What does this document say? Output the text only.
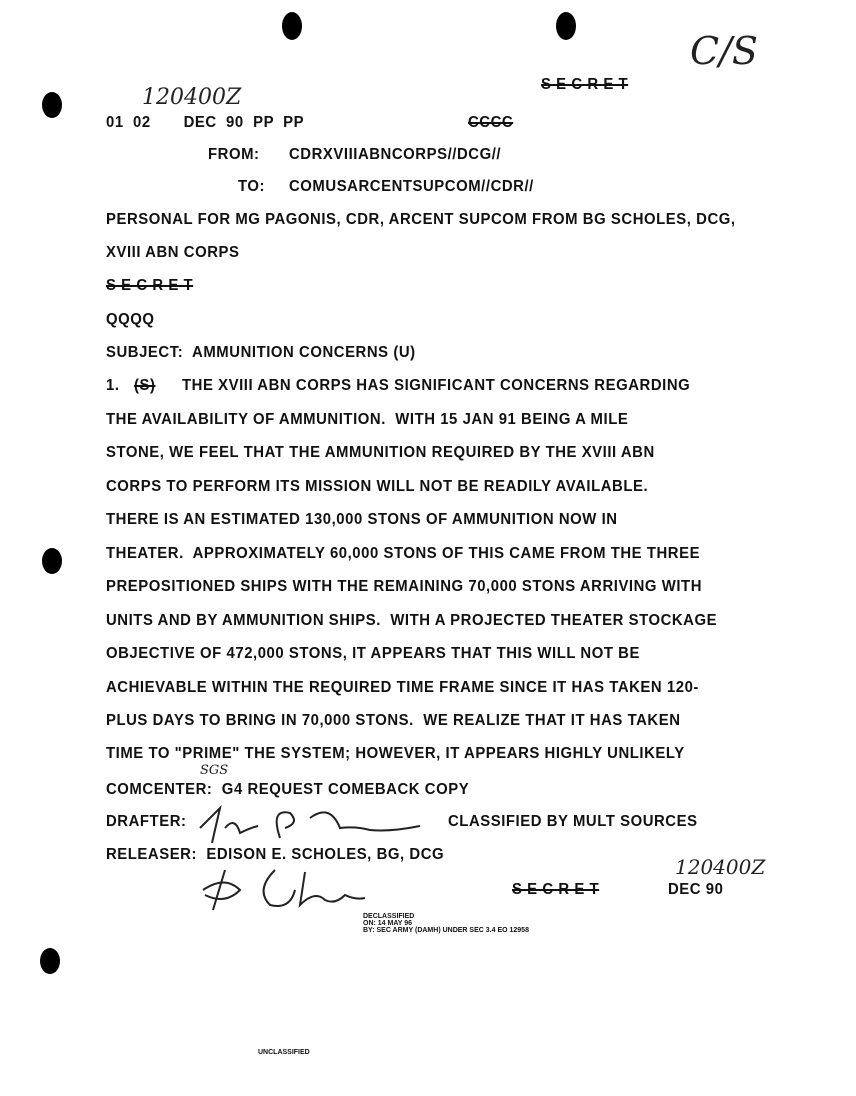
C/S
S E C R E T
120400Z
01  02       DEC  90  PP  PP	CCCC
FROM: CDRXVIIIABNCORPS//DCG//
TO: COMUSARCENTSUPCOM//CDR//
PERSONAL FOR MG PAGONIS, CDR, ARCENT SUPCOM FROM BG SCHOLES, DCG,
XVIII ABN CORPS
S E C R E T
QQQQ
SUBJECT:  AMMUNITION CONCERNS (U)
1. (S) THE XVIII ABN CORPS HAS SIGNIFICANT CONCERNS REGARDING
THE AVAILABILITY OF AMMUNITION.  WITH 15 JAN 91 BEING A MILE
STONE, WE FEEL THAT THE AMMUNITION REQUIRED BY THE XVIII ABN
CORPS TO PERFORM ITS MISSION WILL NOT BE READILY AVAILABLE.
THERE IS AN ESTIMATED 130,000 STONS OF AMMUNITION NOW IN
THEATER.  APPROXIMATELY 60,000 STONS OF THIS CAME FROM THE THREE
PREPOSITIONED SHIPS WITH THE REMAINING 70,000 STONS ARRIVING WITH
UNITS AND BY AMMUNITION SHIPS.  WITH A PROJECTED THEATER STOCKAGE
OBJECTIVE OF 472,000 STONS, IT APPEARS THAT THIS WILL NOT BE
ACHIEVABLE WITHIN THE REQUIRED TIME FRAME SINCE IT HAS TAKEN 120-
PLUS DAYS TO BRING IN 70,000 STONS.  WE REALIZE THAT IT HAS TAKEN
TIME TO "PRIME" THE SYSTEM; HOWEVER, IT APPEARS HIGHLY UNLIKELY
SGS
COMCENTER:  G4 REQUEST COMEBACK COPY
DRAFTER:	CLASSIFIED BY MULT SOURCES
RELEASER:  EDISON E. SCHOLES, BG, DCG
120400Z
S E C R E T	DEC 90
DECLASSIFIED
ON: 14 MAY 96
BY: SEC ARMY (DAMH) UNDER SEC 3.4 EO 12958
UNCLASSIFIED
